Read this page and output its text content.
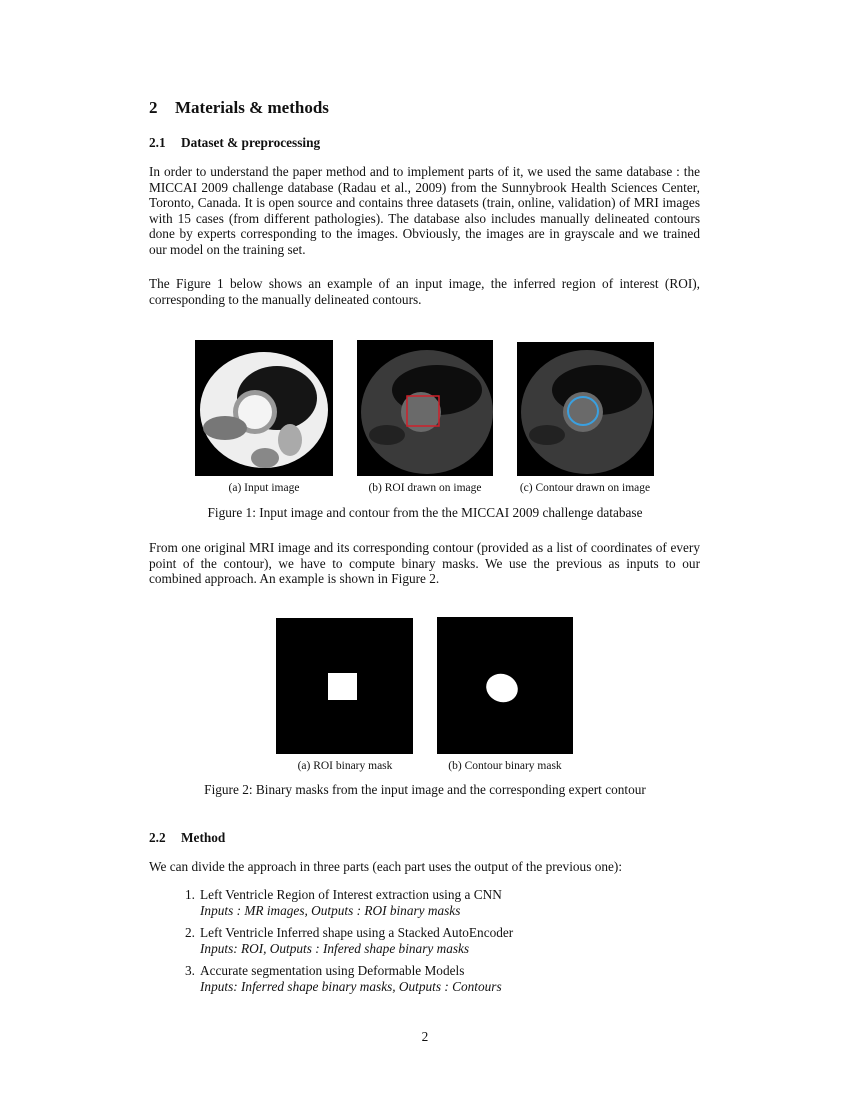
2 Materials & methods
2.1 Dataset & preprocessing
In order to understand the paper method and to implement parts of it, we used the same database : the MICCAI 2009 challenge database (Radau et al., 2009) from the Sunnybrook Health Sciences Center, Toronto, Canada. It is open source and contains three datasets (train, online, validation) of MRI images with 15 cases (from different pathologies). The database also includes manually delineated contours done by experts corresponding to the images. Obviously, the images are in grayscale and we trained our model on the training set.
The Figure 1 below shows an example of an input image, the inferred region of interest (ROI), corresponding to the manually delineated contours.
(a) Input image	(b) ROI drawn on image	(c) Contour drawn on image
Figure 1: Input image and contour from the the MICCAI 2009 challenge database
From one original MRI image and its corresponding contour (provided as a list of coordinates of every point of the contour), we have to compute binary masks. We use the previous as inputs to our combined approach. An example is shown in Figure 2.
(a) ROI binary mask	(b) Contour binary mask
Figure 2: Binary masks from the input image and the corresponding expert contour
2.2 Method
We can divide the approach in three parts (each part uses the output of the previous one):
1. Left Ventricle Region of Interest extraction using a CNN
Inputs : MR images, Outputs : ROI binary masks
2. Left Ventricle Inferred shape using a Stacked AutoEncoder
Inputs: ROI, Outputs : Infered shape binary masks
3. Accurate segmentation using Deformable Models
Inputs: Inferred shape binary masks, Outputs : Contours
2
